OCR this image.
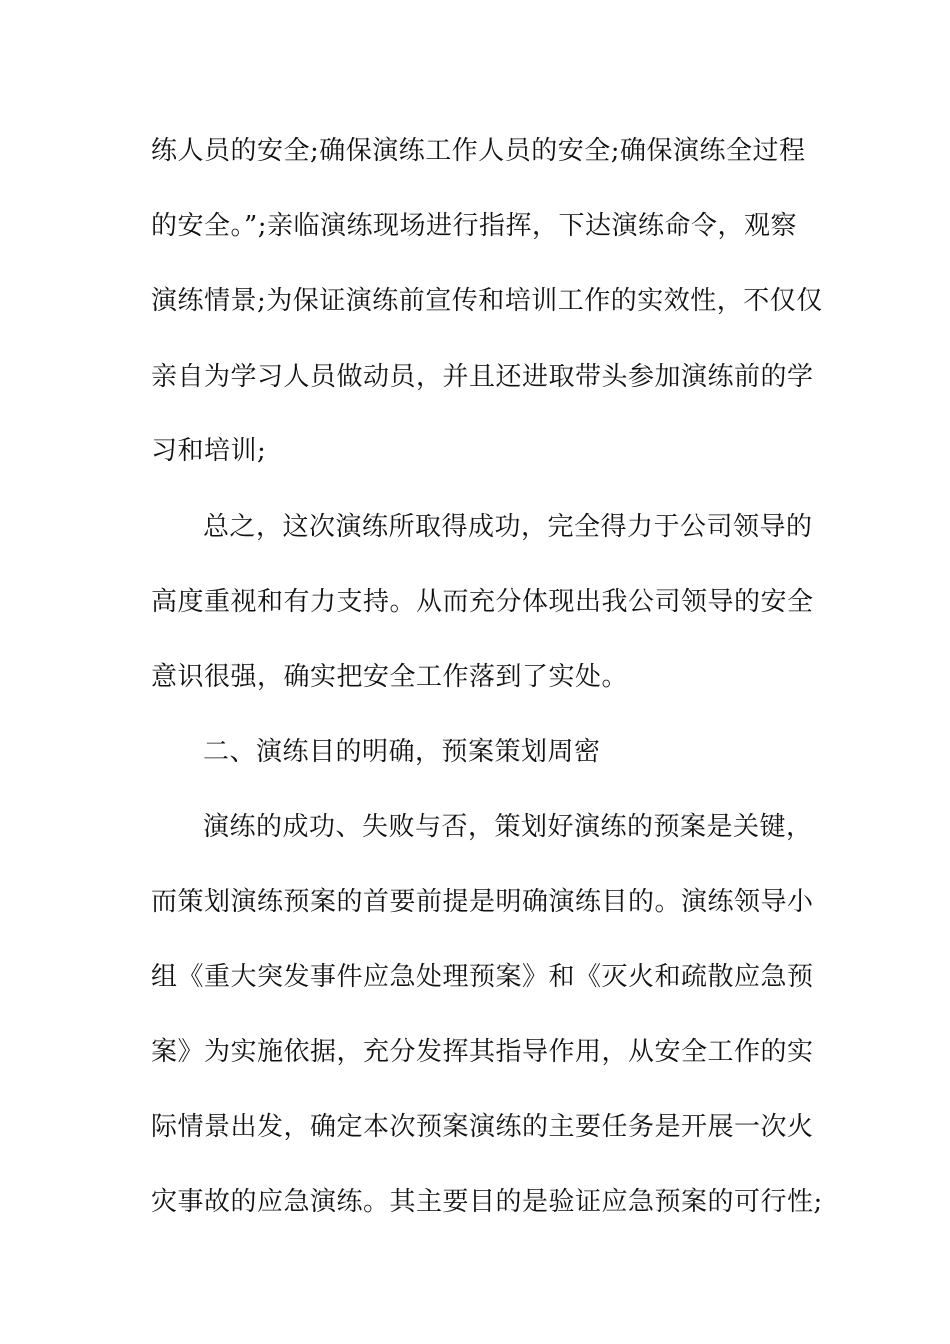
练人员的安全;确保演练工作人员的安全;确保演练全过程
的安全。”;亲临演练现场进行指挥，下达演练命令，观察
演练情景;为保证演练前宣传和培训工作的实效性，不仅仅
亲自为学习人员做动员，并且还进取带头参加演练前的学
习和培训;
总之，这次演练所取得成功，完全得力于公司领导的
高度重视和有力支持。从而充分体现出我公司领导的安全
意识很强，确实把安全工作落到了实处。
二、演练目的明确，预案策划周密
演练的成功、失败与否，策划好演练的预案是关键，
而策划演练预案的首要前提是明确演练目的。演练领导小
组《重大突发事件应急处理预案》和《灭火和疏散应急预
案》为实施依据，充分发挥其指导作用，从安全工作的实
际情景出发，确定本次预案演练的主要任务是开展一次火
灾事故的应急演练。其主要目的是验证应急预案的可行性;
